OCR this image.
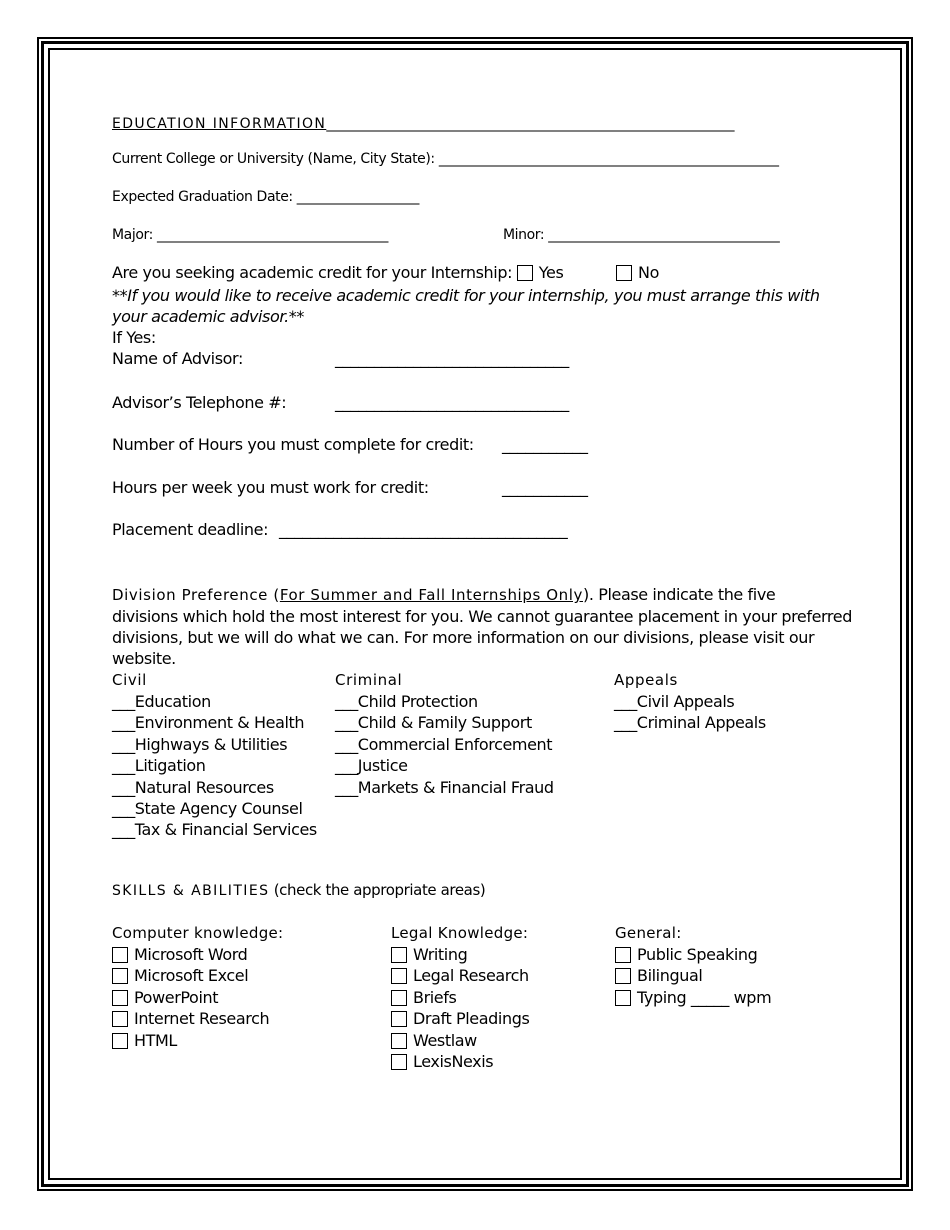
EDUCATION INFORMATION____________________________________________________________
Current College or University (Name, City State): __________________________________________________
Expected Graduation Date: __________________
Major: __________________________________	Minor: __________________________________
Are you seeking academic credit for your Internship: Yes	No
**If you would like to receive academic credit for your internship, you must arrange this with
your academic advisor.**
If Yes:
Name of Advisor:	______________________________
Advisor’s Telephone #:	______________________________
Number of Hours you must complete for credit: ___________
Hours per week you must work for credit:	___________
Placement deadline: _____________________________________
Division Preference (For Summer and Fall Internships Only). Please indicate the five
divisions which hold the most interest for you. We cannot guarantee placement in your preferred
divisions, but we will do what we can. For more information on our divisions, please visit our
website.
Civil
___Education
___Environment & Health
___Highways & Utilities
___Litigation
___Natural Resources
___State Agency Counsel
___Tax & Financial Services
Criminal
___Child Protection
___Child & Family Support
___Commercial Enforcement
___Justice
___Markets & Financial Fraud
Appeals
___Civil Appeals
___Criminal Appeals
SKILLS & ABILITIES (check the appropriate areas)
Computer knowledge:
Microsoft Word
Microsoft Excel
PowerPoint
Internet Research
HTML
Legal Knowledge:
Writing
Legal Research
Briefs
Draft Pleadings
Westlaw
LexisNexis
General:
Public Speaking
Bilingual
Typing _____ wpm
